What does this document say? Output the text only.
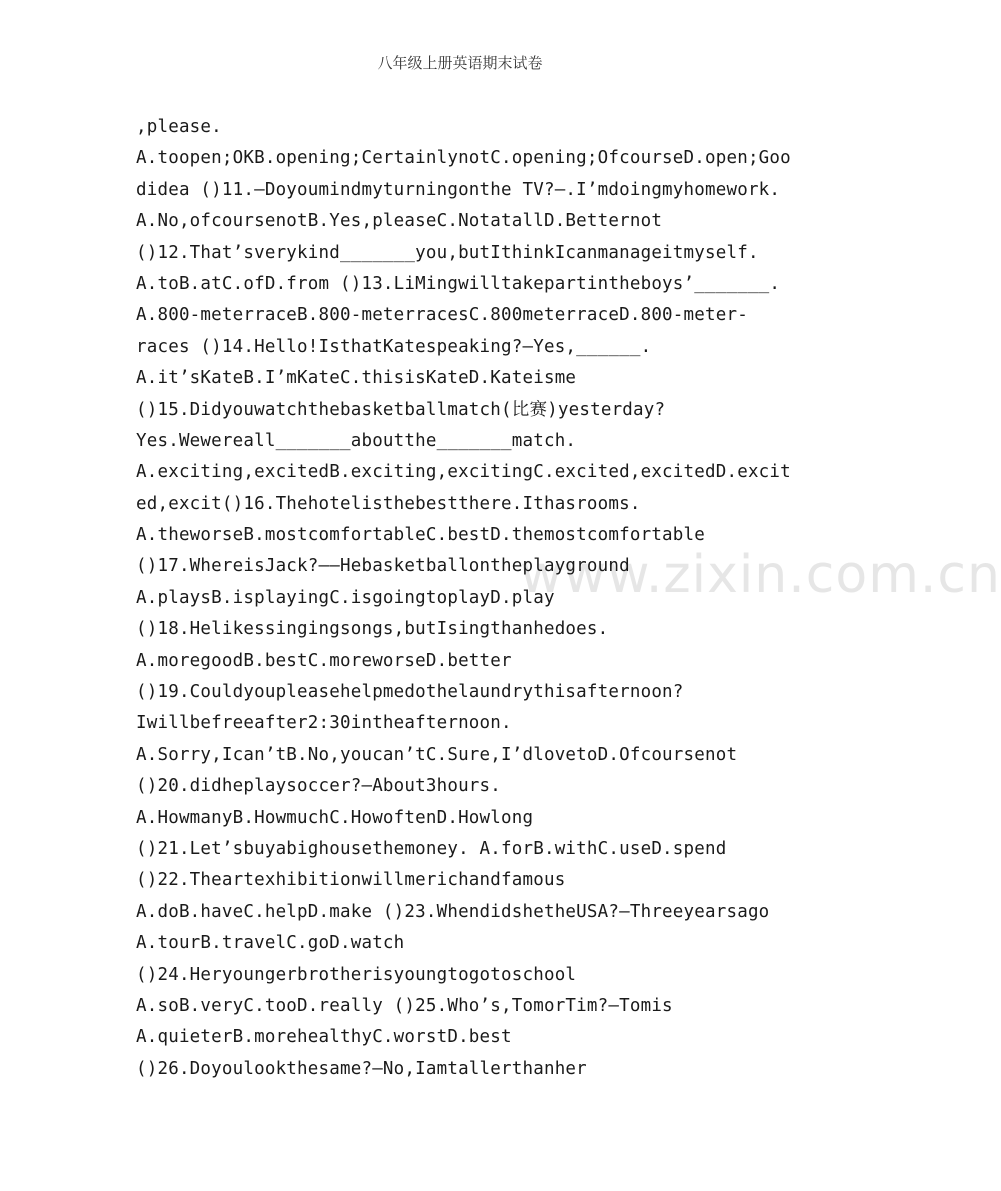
八年级上册英语期末试卷
www.zixin.com.cn
,please.
A.toopen;OKB.opening;CertainlynotC.opening;OfcourseD.open;Goo
didea ()11.—Doyoumindmyturningonthe TV?—.I’mdoingmyhomework.
A.No,ofcoursenotB.Yes,pleaseC.NotatallD.Betternot
()12.That’sverykind_______you,butIthinkIcanmanageitmyself.
A.toB.atC.ofD.from ()13.LiMingwilltakepartintheboys’_______.
A.800-meterraceB.800-meterracesC.800meterraceD.800-meter-
races ()14.Hello!IsthatKatespeaking?—Yes,______.
A.it’sKateB.I’mKateC.thisisKateD.Kateisme
()15.Didyouwatchthebasketballmatch(比赛)yesterday?
Yes.Wewereall_______aboutthe_______match.
A.exciting,excitedB.exciting,excitingC.excited,excitedD.excit
ed,excit()16.Thehotelisthebestthere.Ithasrooms.
A.theworseB.mostcomfortableC.bestD.themostcomfortable
()17.WhereisJack?——Hebasketballontheplayground
A.playsB.isplayingC.isgoingtoplayD.play
()18.Helikessingingsongs,butIsingthanhedoes.
A.moregoodB.bestC.moreworseD.better
()19.Couldyoupleasehelpmedothelaundrythisafternoon?
Iwillbefreeafter2:30intheafternoon.
A.Sorry,Ican’tB.No,youcan’tC.Sure,I’dlovetoD.Ofcoursenot
()20.didheplaysoccer?—About3hours.
A.HowmanyB.HowmuchC.HowoftenD.Howlong
()21.Let’sbuyabighousethemoney. A.forB.withC.useD.spend
()22.Theartexhibitionwillmerichandfamous
A.doB.haveC.helpD.make ()23.WhendidshetheUSA?—Threeyearsago
A.tourB.travelC.goD.watch
()24.Heryoungerbrotherisyoungtogotoschool
A.soB.veryC.tooD.really ()25.Who’s,TomorTim?—Tomis
A.quieterB.morehealthyC.worstD.best
()26.Doyoulookthesame?—No,Iamtallerthanher
